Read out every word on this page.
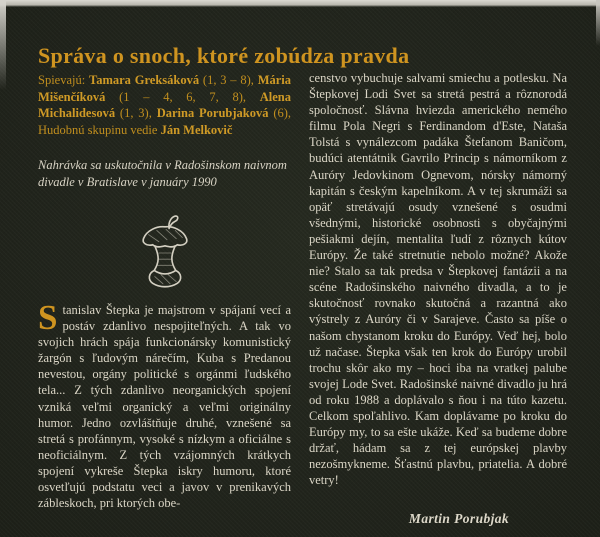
Správa o snoch, ktoré zobúdza pravda

Spievajú: Tamara Greksáková (1, 3 – 8), Mária Mišenčíková (1 – 4, 6, 7, 8), Alena Michalidesová (1, 3), Darina Porubjaková (6), Hudobnú skupinu vedie Ján Melkovič

Nahrávka sa uskutočnila v Radošinskom naivnom divadle v Bratislave v januáry 1990

Stanislav Štepka je majstrom v spájaní vecí a postáv zdanlivo nespojiteľných. A tak vo svojich hrách spája funkcionársky komunistický žargón s ľudovým nárečím, Kuba s Predanou nevestou, orgány politické s orgánmi ľudského tela... Z tých zdanlivo neorganických spojení vzniká veľmi organický a veľmi originálny humor. Jedno ozvláštňuje druhé, vznešené sa stretá s profánnym, vysoké s nízkym a oficiálne s neoficiálnym. Z tých vzájomných krátkych spojení vykreše Štepka iskry humoru, ktoré osvetľujú podstatu veci a javov v prenikavých zábleskoch, pri ktorých obe-

censtvo vybuchuje salvami smiechu a potlesku. Na Štepkovej Lodi Svet sa stretá pestrá a rôznorodá spoločnosť. Slávna hviezda amerického nemého filmu Pola Negri s Ferdinandom d'Este, Nataša Tolstá s vynálezcom padáka Štefanom Baničom, budúci atentátnik Gavrilo Princip s námorníkom z Auróry Jedovkinom Ognevom, nórsky námorný kapitán s českým kapelníkom. A v tej skrumáži sa opäť stretávajú osudy vznešené s osudmi všednými, historické osobnosti s obyčajnými pešiakmi dejín, mentalita ľudí z rôznych kútov Európy. Že také stretnutie nebolo možné? Akože nie? Stalo sa tak predsa v Štepkovej fantázii a na scéne Radošinského naivného divadla, a to je skutočnosť rovnako skutočná a razantná ako výstrely z Auróry či v Sarajeve. Často sa píše o našom chystanom kroku do Európy. Veď hej, bolo už načase. Štepka však ten krok do Európy urobil trochu skôr ako my – hoci iba na vratkej palube svojej Lode Svet. Radošinské naivné divadlo ju hrá od roku 1988 a doplávalo s ňou i na túto kazetu. Celkom spoľahlivo. Kam doplávame po kroku do Európy my, to sa ešte ukáže. Keď sa budeme dobre držať, hádam sa z tej európskej plavby nezošmykneme. Šťastnú plavbu, priatelia. A dobré vetry!

Martin Porubjak
